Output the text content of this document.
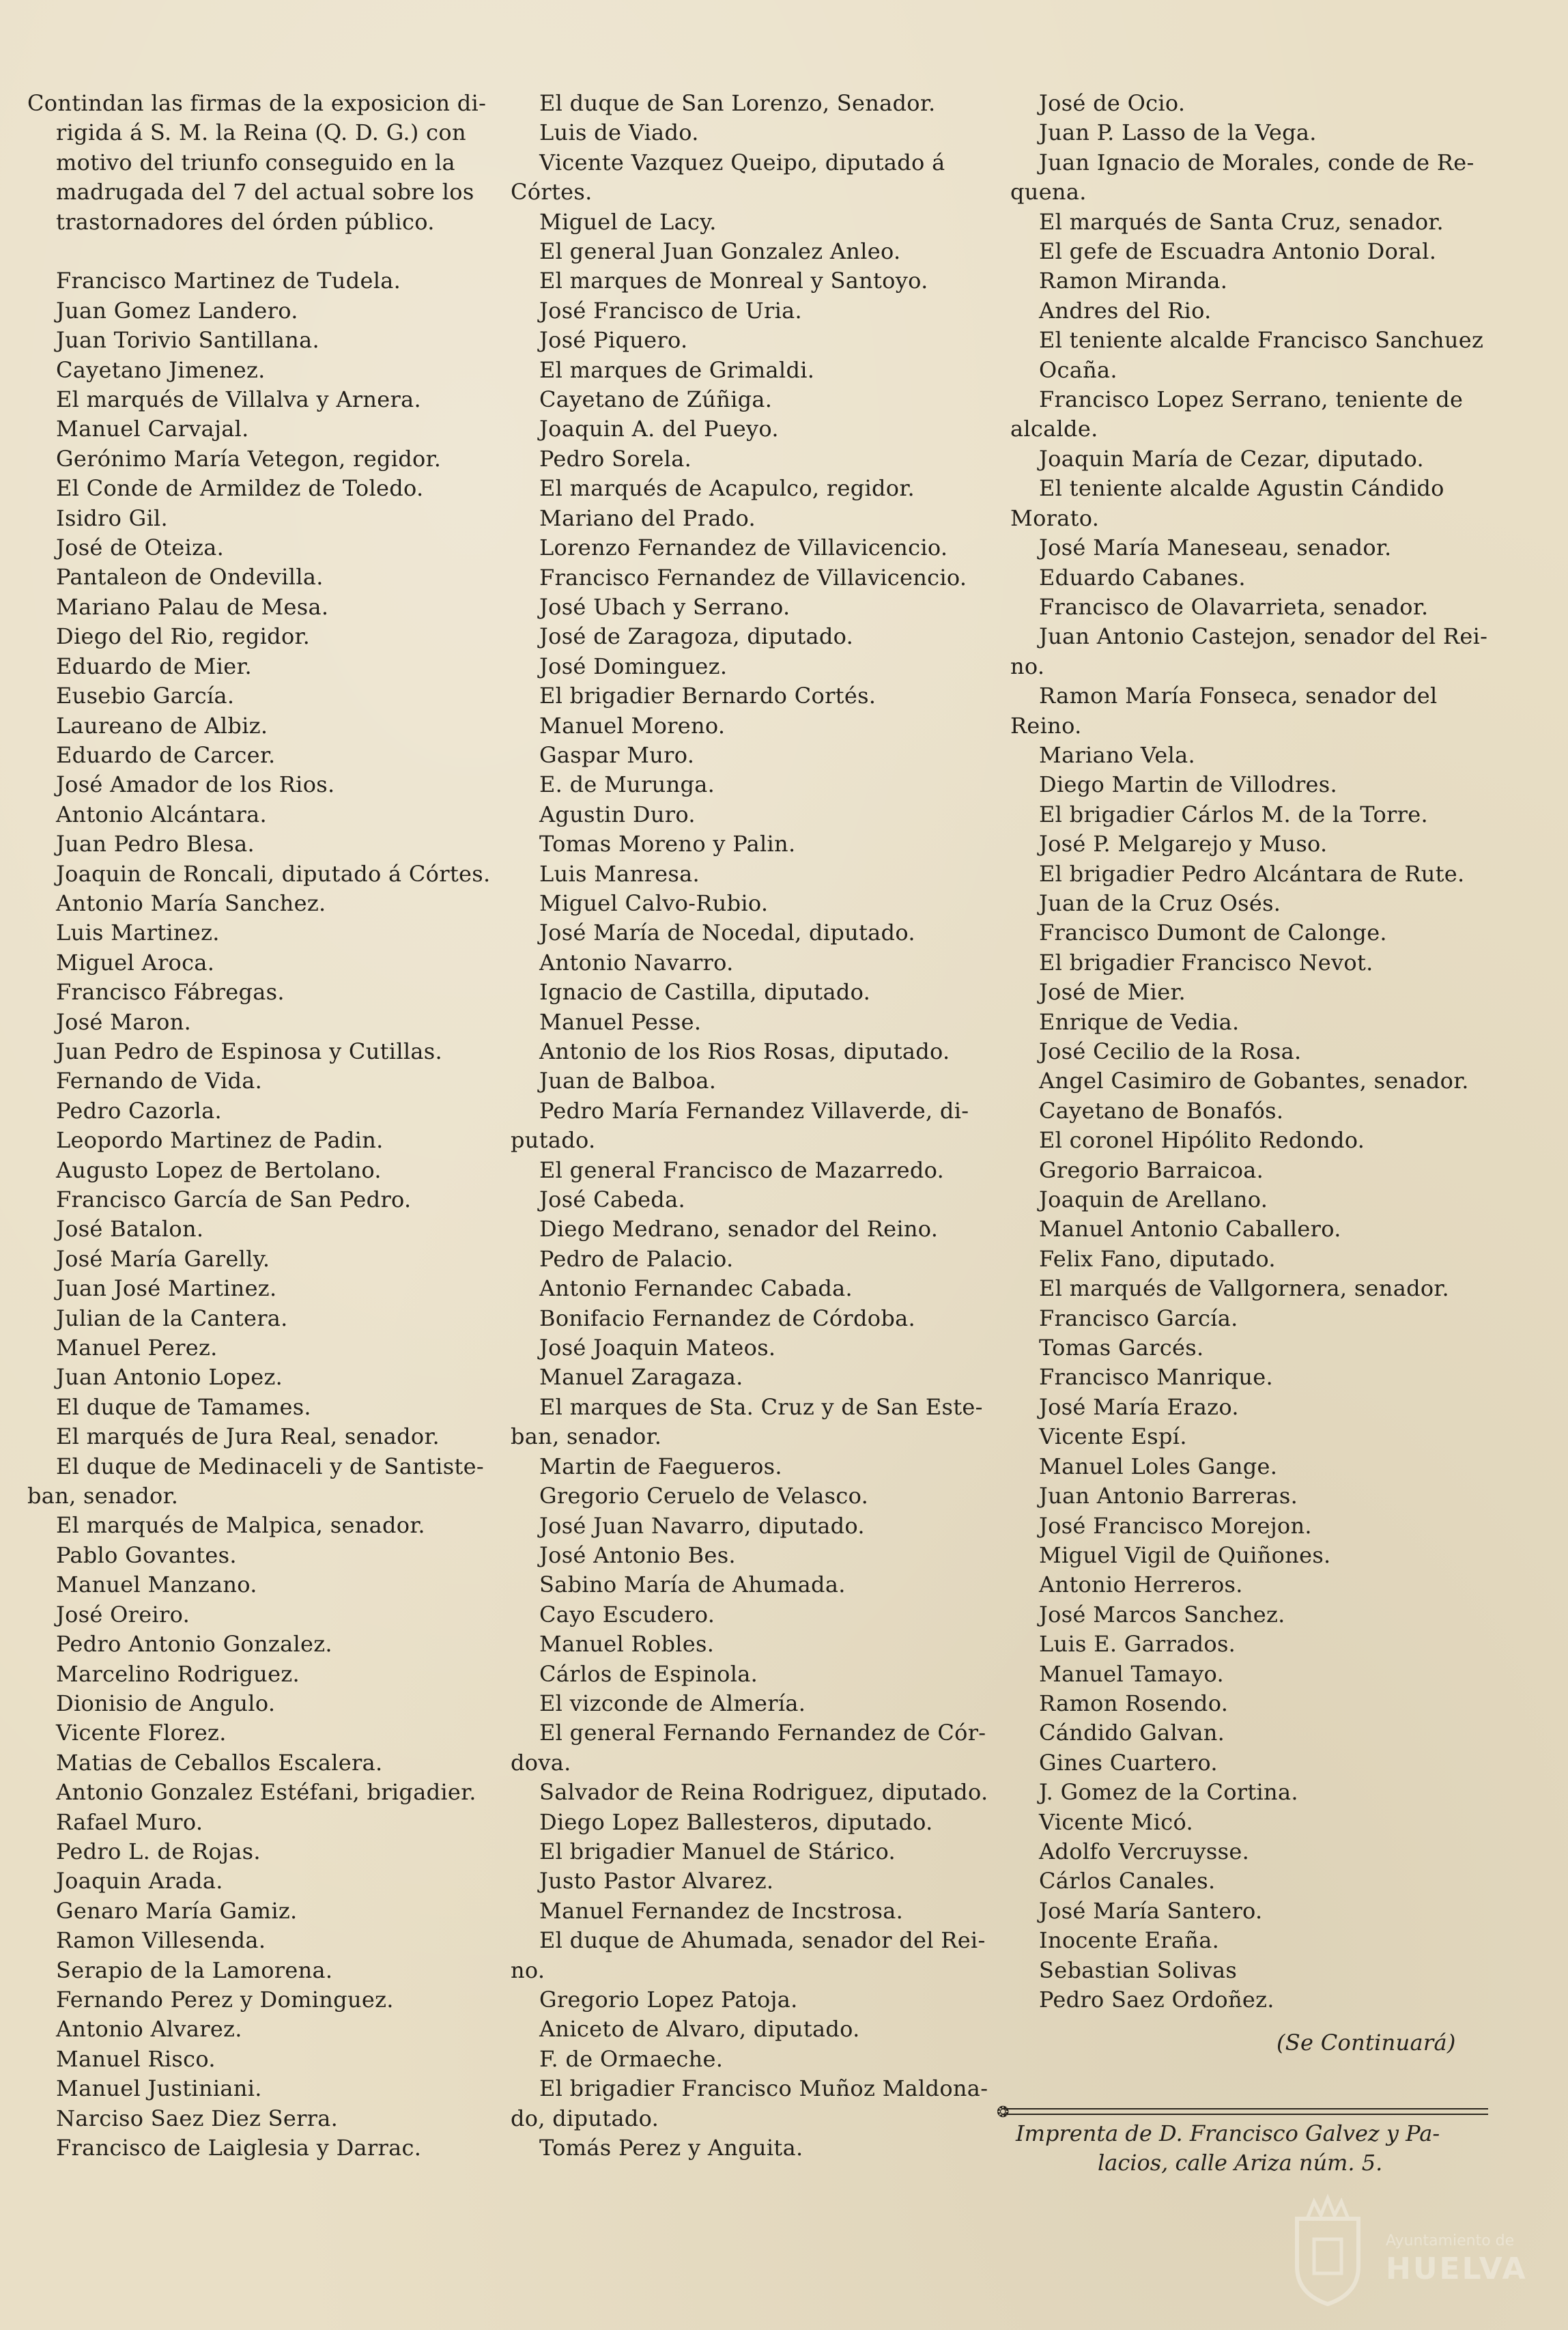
Contindan las firmas de la exposicion di-
rigida á S. M. la Reina (Q. D. G.) con
motivo del triunfo conseguido en la
madrugada del 7 del actual sobre los
trastornadores del órden público.
Francisco Martinez de Tudela.
Juan Gomez Landero.
Juan Torivio Santillana.
Cayetano Jimenez.
El marqués de Villalva y Arnera.
Manuel Carvajal.
Gerónimo María Vetegon, regidor.
El Conde de Armildez de Toledo.
Isidro Gil.
José de Oteiza.
Pantaleon de Ondevilla.
Mariano Palau de Mesa.
Diego del Rio, regidor.
Eduardo de Mier.
Eusebio García.
Laureano de Albiz.
Eduardo de Carcer.
José Amador de los Rios.
Antonio Alcántara.
Juan Pedro Blesa.
Joaquin de Roncali, diputado á Córtes.
Antonio María Sanchez.
Luis Martinez.
Miguel Aroca.
Francisco Fábregas.
José Maron.
Juan Pedro de Espinosa y Cutillas.
Fernando de Vida.
Pedro Cazorla.
Leopordo Martinez de Padin.
Augusto Lopez de Bertolano.
Francisco García de San Pedro.
José Batalon.
José María Garelly.
Juan José Martinez.
Julian de la Cantera.
Manuel Perez.
Juan Antonio Lopez.
El duque de Tamames.
El marqués de Jura Real, senador.
El duque de Medinaceli y de Santiste-
ban, senador.
El marqués de Malpica, senador.
Pablo Govantes.
Manuel Manzano.
José Oreiro.
Pedro Antonio Gonzalez.
Marcelino Rodriguez.
Dionisio de Angulo.
Vicente Florez.
Matias de Ceballos Escalera.
Antonio Gonzalez Estéfani, brigadier.
Rafael Muro.
Pedro L. de Rojas.
Joaquin Arada.
Genaro María Gamiz.
Ramon Villesenda.
Serapio de la Lamorena.
Fernando Perez y Dominguez.
Antonio Alvarez.
Manuel Risco.
Manuel Justiniani.
Narciso Saez Diez Serra.
Francisco de Laiglesia y Darrac.
El duque de San Lorenzo, Senador.
Luis de Viado.
Vicente Vazquez Queipo, diputado á
Córtes.
Miguel de Lacy.
El general Juan Gonzalez Anleo.
El marques de Monreal y Santoyo.
José Francisco de Uria.
José Piquero.
El marques de Grimaldi.
Cayetano de Zúñiga.
Joaquin A. del Pueyo.
Pedro Sorela.
El marqués de Acapulco, regidor.
Mariano del Prado.
Lorenzo Fernandez de Villavicencio.
Francisco Fernandez de Villavicencio.
José Ubach y Serrano.
José de Zaragoza, diputado.
José Dominguez.
El brigadier Bernardo Cortés.
Manuel Moreno.
Gaspar Muro.
E. de Murunga.
Agustin Duro.
Tomas Moreno y Palin.
Luis Manresa.
Miguel Calvo-Rubio.
José María de Nocedal, diputado.
Antonio Navarro.
Ignacio de Castilla, diputado.
Manuel Pesse.
Antonio de los Rios Rosas, diputado.
Juan de Balboa.
Pedro María Fernandez Villaverde, di-
putado.
El general Francisco de Mazarredo.
José Cabeda.
Diego Medrano, senador del Reino.
Pedro de Palacio.
Antonio Fernandec Cabada.
Bonifacio Fernandez de Córdoba.
José Joaquin Mateos.
Manuel Zaragaza.
El marques de Sta. Cruz y de San Este-
ban, senador.
Martin de Faegueros.
Gregorio Ceruelo de Velasco.
José Juan Navarro, diputado.
José Antonio Bes.
Sabino María de Ahumada.
Cayo Escudero.
Manuel Robles.
Cárlos de Espinola.
El vizconde de Almería.
El general Fernando Fernandez de Cór-
dova.
Salvador de Reina Rodriguez, diputado.
Diego Lopez Ballesteros, diputado.
El brigadier Manuel de Stárico.
Justo Pastor Alvarez.
Manuel Fernandez de Incstrosa.
El duque de Ahumada, senador del Rei-
no.
Gregorio Lopez Patoja.
Aniceto de Alvaro, diputado.
F. de Ormaeche.
El brigadier Francisco Muñoz Maldona-
do, diputado.
Tomás Perez y Anguita.
José de Ocio.
Juan P. Lasso de la Vega.
Juan Ignacio de Morales, conde de Re-
quena.
El marqués de Santa Cruz, senador.
El gefe de Escuadra Antonio Doral.
Ramon Miranda.
Andres del Rio.
El teniente alcalde Francisco Sanchuez
Ocaña.
Francisco Lopez Serrano, teniente de
alcalde.
Joaquin María de Cezar, diputado.
El teniente alcalde Agustin Cándido
Morato.
José María Maneseau, senador.
Eduardo Cabanes.
Francisco de Olavarrieta, senador.
Juan Antonio Castejon, senador del Rei-
no.
Ramon María Fonseca, senador del
Reino.
Mariano Vela.
Diego Martin de Villodres.
El brigadier Cárlos M. de la Torre.
José P. Melgarejo y Muso.
El brigadier Pedro Alcántara de Rute.
Juan de la Cruz Osés.
Francisco Dumont de Calonge.
El brigadier Francisco Nevot.
José de Mier.
Enrique de Vedia.
José Cecilio de la Rosa.
Angel Casimiro de Gobantes, senador.
Cayetano de Bonafós.
El coronel Hipólito Redondo.
Gregorio Barraicoa.
Joaquin de Arellano.
Manuel Antonio Caballero.
Felix Fano, diputado.
El marqués de Vallgornera, senador.
Francisco García.
Tomas Garcés.
Francisco Manrique.
José María Erazo.
Vicente Espí.
Manuel Loles Gange.
Juan Antonio Barreras.
José Francisco Morejon.
Miguel Vigil de Quiñones.
Antonio Herreros.
José Marcos Sanchez.
Luis E. Garrados.
Manuel Tamayo.
Ramon Rosendo.
Cándido Galvan.
Gines Cuartero.
J. Gomez de la Cortina.
Vicente Micó.
Adolfo Vercruysse.
Cárlos Canales.
José María Santero.
Inocente Eraña.
Sebastian Solivas
Pedro Saez Ordoñez.
(Se Continuará)
❂
Imprenta de D. Francisco Galvez y Pa-
lacios, calle Ariza núm. 5.
Ayuntamiento de
HUELVA
